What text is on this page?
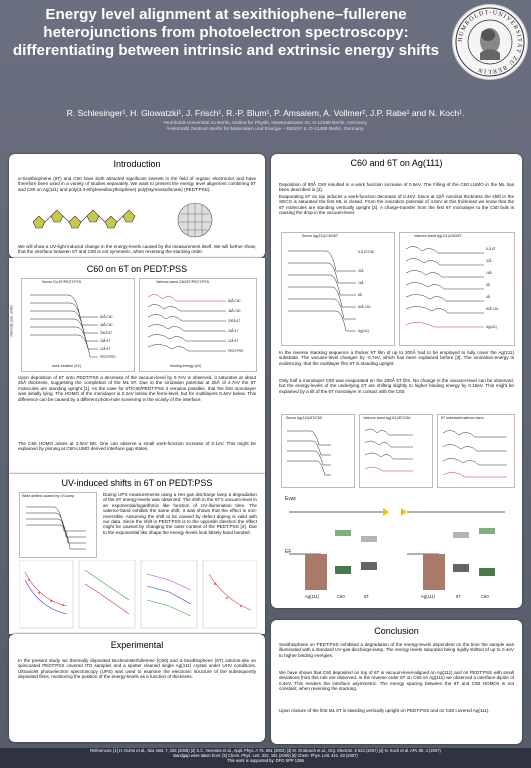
Energy level alignment at sexithiophene–fullerene heterojunctions from photoelectron spectroscopy: differentiating between intrinsic and extrinsic energy shifts
HUMBOLDT-UNIVERSITÄT ZU BERLIN
R. Schlesinger¹, H. Glowatzki¹, J. Frisch¹, R.-P. Blum¹, P. Amsalem, A. Vollmer², J.P. Rabe¹ and N. Koch¹.
¹Humboldt-Universität zu Berlin, Institut für Physik, Newtonstrasse 15, D-12489 Berlin, Germany.
²Helmholtz Zentrum Berlin für Materialien und Energie – BESSY II, D-12489 Berlin, Germany.
Introduction
α-Sexithiophene (6T) and C60 have both attracted significant interest in the field of organic electronics and have therefore been used in a variety of studies separately. We want to present the energy level alignment combining 6T and C60 on Ag(111) and poly(3,4-ethylenedioxythiophene) poly(styrenesulfonate) (PEDT:PSS).
We will show a UV-light induced change in the energy-levels caused by the measurement itself. We will further show, that the interface between 6T and C60 is not symmetric, when reversing the stacking order.
C60 on 6T on PEDT:PSS
Secon Ep,6T/PEDT:PSS
work function (eV)
intensity (arb. units)	80Å C60
48Å C60
200Å 6T
25Å 6T
12Å 6T
PEDT:PSS
Valence-band C60/6T/PEDT:PSS
binding energy (eV)
80Å C60
48Å C60
200Å 6T
25Å 6T
12Å 6T
PEDT:PSS
Upon deposition of 6T onto PEDT:PSS a decrease of the vacuum-level by 0.7eV is observed, it saturates at about 25Å thickness, suggesting the completion of the ML 6T. Due to the ionization potential at 25Å of 4.7eV the 6T molecules are standing upright [1]. As the case for 6T/C60/PEDT:PSS it remains possible, that the first monolayer was initially lying. The HOMO of the monolayer is 0.2eV below the fermi-level, but for multilayers 0.4eV below. This difference can be caused by a different photo-hole screening in the vicinity of the interface.
The C60 HOMO arises at 2.0eV BE. One can observe a small work-function increase of 0.1eV. This might be explained by pinning at C60-LUMO derived interface gap states.
UV-induced shifts in 6T on PEDT:PSS
Wide-shifted caused by UV-lamp	During UPS measurements using a HeI gas discharge lamp a degradation of the 6T energy-levels was observed. The shift in the 6T's vacuum-level in an exponential/logarithmic like function of UV-illumination time. The valence-band exhibits the same shift. It was shown that the effect is non-reversible. Assuming the shift to be caused by defect doping is valid with our data. Since the shift in PEDT:PSS is to the opposite direction the effect might be caused by changing the outer content of the PEDT:PSS [4]. Due to the exponential like shape the energy-levels look falsely band bended.
Experimental
In the present study we thermally deposited Buckminsterfullerene (C60) and α-Sexithiophene (6T) onto/on-site on spincoated PEDT:PSS covered ITO samples and a sputter cleaned single Ag(111) crystal under UHV conditions. Ultraviolet photoelectron spectroscopy (UPS) was used to examine the electronic structure of the subsequently deposited films, monitoring the position of the energy-levels as a function of thickness.
C60 and 6T on Ag(111)
Deposition of 80Å C60 resulted in a work function increase of 0.5eV. The Filling of the C60 LUMO in the ML has been described in [2].
Evaporating 6T on top induces a work-function decrease of 0.4eV. Since at 32Å nominal thickness the shift in the SECO is saturated the first ML is closed. From the ionization potential of 4.8eV at this thickness we know that the 6T molecules are standing vertically upright [3]. A charge-transfer from the first 6T monolayer to the C60 bulk is causing the drop in the vacuum-level.
Secon Ag(111)/C60/6T
6-Å 6T/C60
32Å
16Å
8Å
80Å C60
Ag(111)
Valence-band Ag(111)/C60/6T
6-Å 6T
32Å
16Å
8Å
4Å
80Å C60
Ag(111)
In the reverse stacking sequence a thicker 6T film of up to 200Å had to be employed to fully cover the Ag(111) substrate. The vacuum-level changes by -0.7eV, which has been explained before [3]. The ionization-energy is evidencing, that the multilayer film 6T is standing upright.
Only half a monolayer C60 was evaporated on the 200Å 6T film. No change in the vacuum-level can be observed, but the energy-levels of the underlying 6T are shifting slightly to higher binding energy by 0.15eV. This might be explained by a tilt of the 6T monolayer in contact with the C60.
Secon Ag(111)/6T/C60	Valence band Ag(111)/6T/C60	6T substrate/valence-band
Evac
EF
Ag(111)	C60	6T	Ag(111)	6T	C60
Conclusion
Sexithiophene on PEDT:PSS exhibited a degradation of the energy-levels dependent on the time the sample was illuminated with a standard UV-gas-discharge-lamp. The energy levels saturated being rigidly shifted of up to 0.4eV to higher binding energies.
We have shown that C60 deposited on top of 6T is vacuum-level-aligned on Ag(111) and on PEDT:PSS with small deviations from this rule are observed. In the reverse order 6T on C60 on Ag(111) we observed a interface-dipole of 0.4eV. This renders the interface asymmetric. The energy spacing between the 6T and C60 HOMOs is not constant, when reversing the stacking.
Upon closure of the first ML 6T is standing vertically upright on PEDT:PSS and on C60 covered Ag(111).
References: [1] H. Duhm et al., Nat. Mat. 7, 326 (2008) [2] S.C. Veenstra et al., Appl. Phys. A 75, 661 (2002) [3] M. Grobosch et al., Org. Electron. 8 623 (2007) [4] N. Koch et al. APL 90, 4 (2007)
Bandgap were taken from: [5] Chem. Phys. Lett. 322, 181 (2000) [6] Chem. Phys. Lett. 441, 63 (2007)
This work is supported by: DFG SPP 1355
